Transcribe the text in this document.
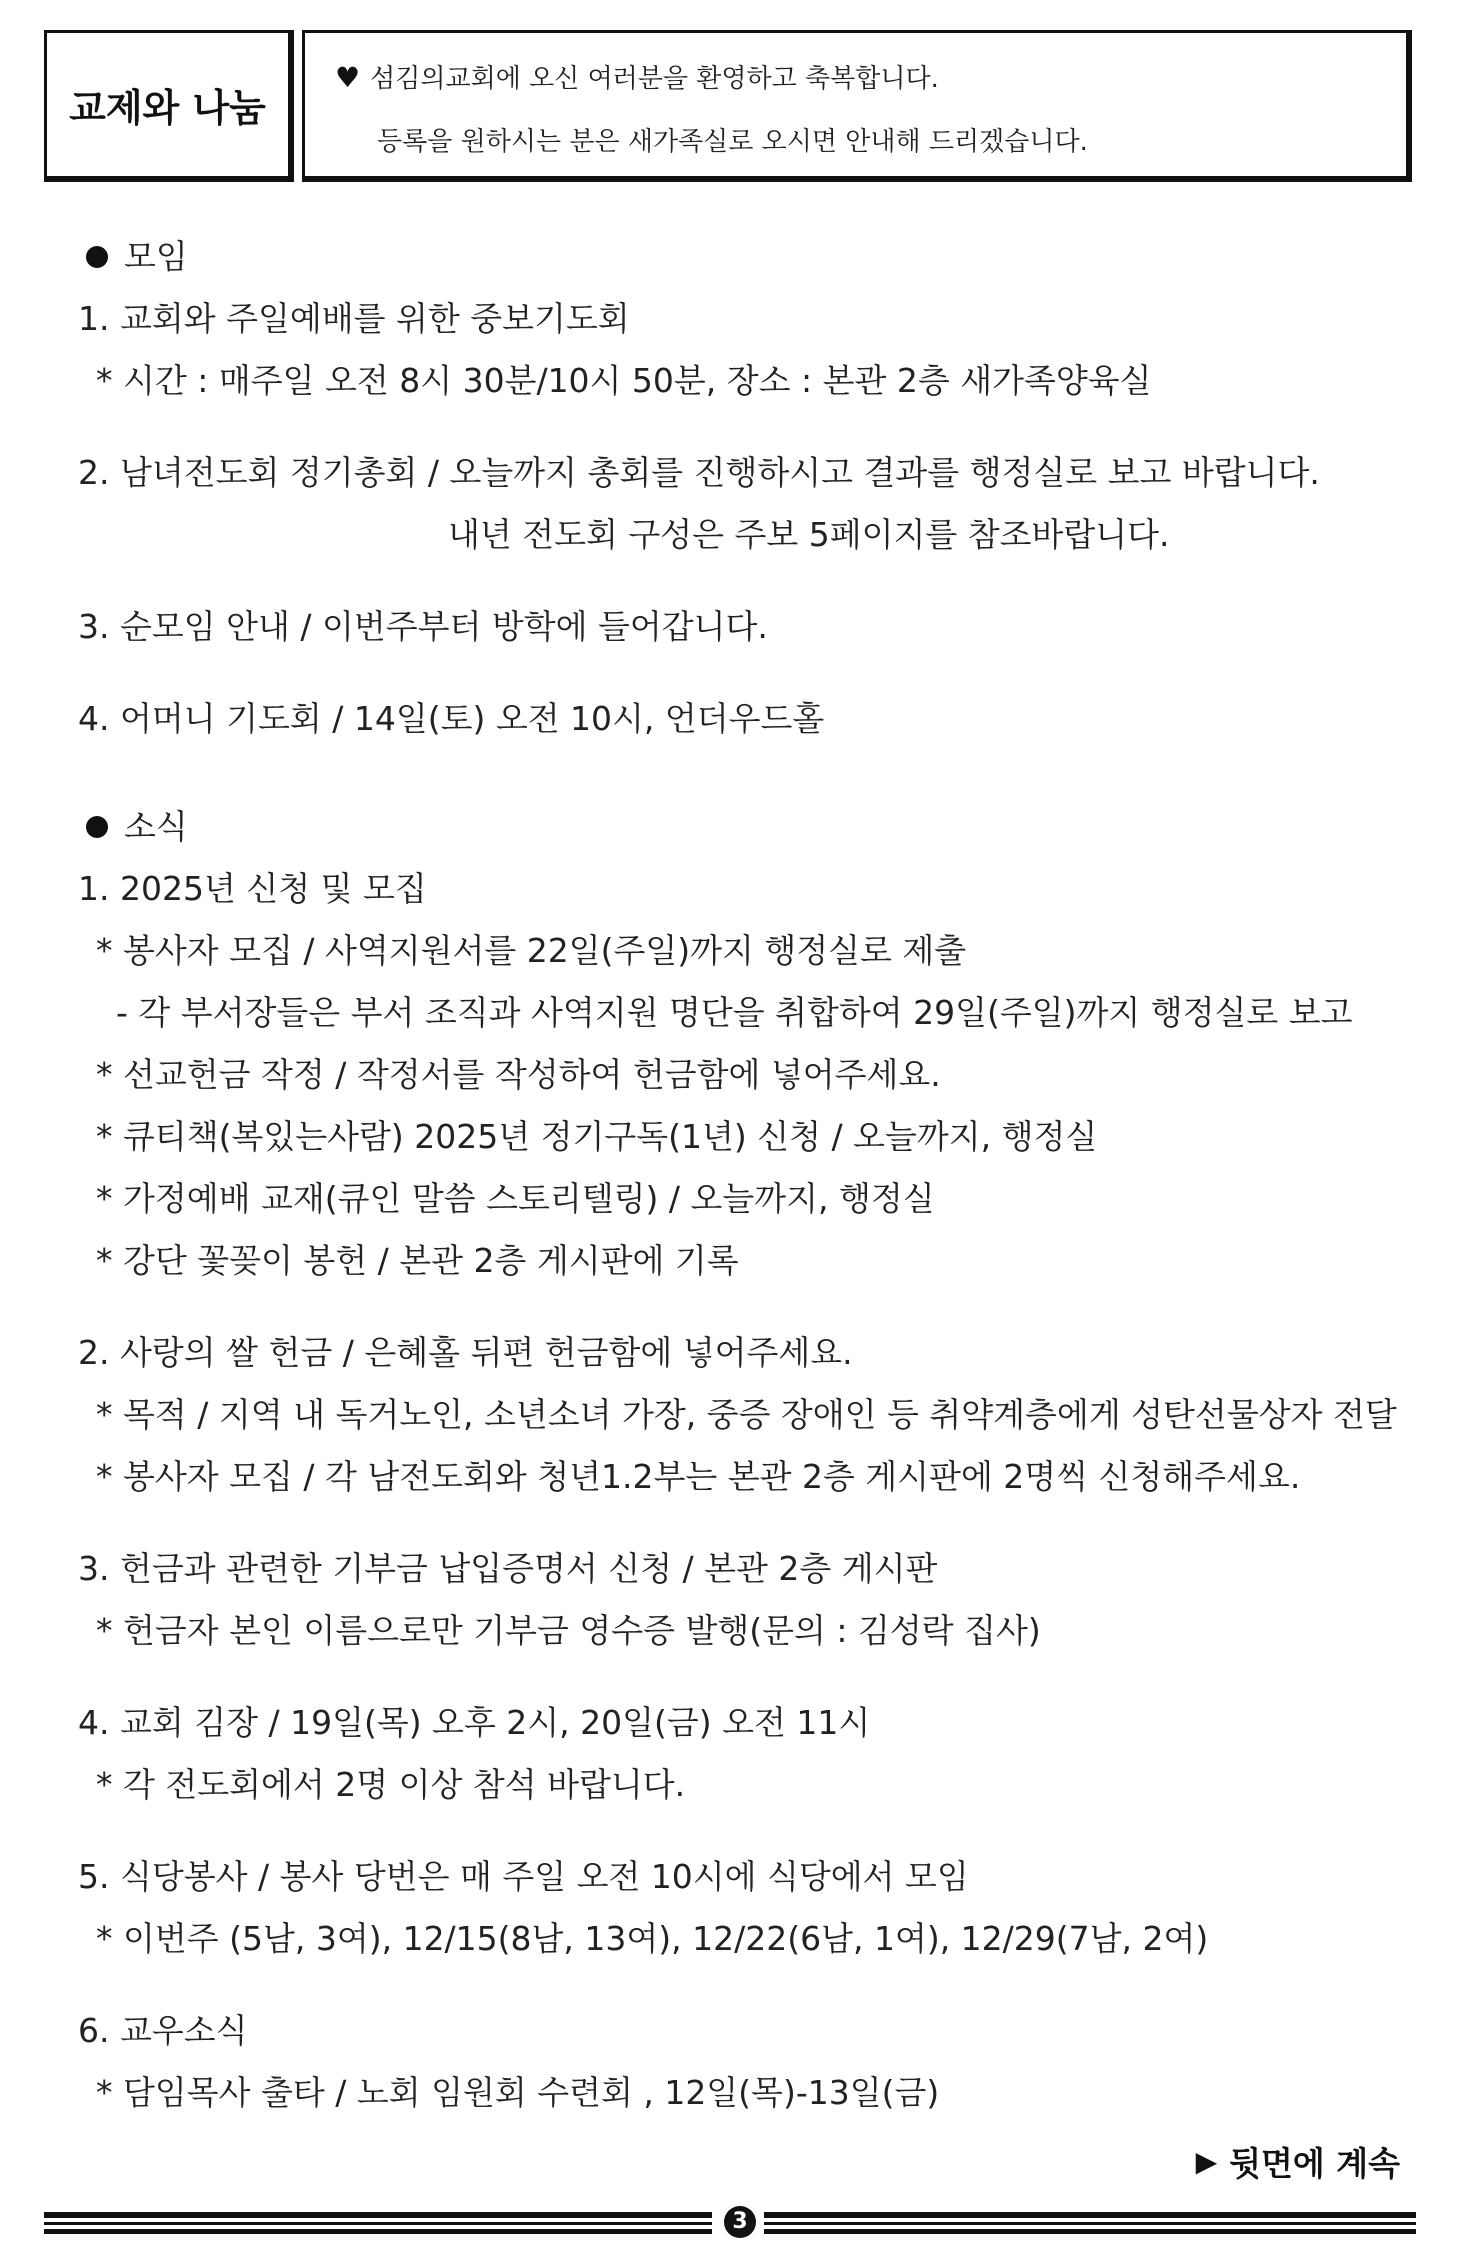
교제와 나눔
♥ 섬김의교회에 오신 여러분을 환영하고 축복합니다.
등록을 원하시는 분은 새가족실로 오시면 안내해 드리겠습니다.
모임
1. 교회와 주일예배를 위한 중보기도회
* 시간 : 매주일 오전 8시 30분/10시 50분, 장소 : 본관 2층 새가족양육실
2. 남녀전도회 정기총회 / 오늘까지 총회를 진행하시고 결과를 행정실로 보고 바랍니다.
내년 전도회 구성은 주보 5페이지를 참조바랍니다.
3. 순모임 안내 / 이번주부터 방학에 들어갑니다.
4. 어머니 기도회 / 14일(토) 오전 10시, 언더우드홀
소식
1. 2025년 신청 및 모집
* 봉사자 모집 / 사역지원서를 22일(주일)까지 행정실로 제출
- 각 부서장들은 부서 조직과 사역지원 명단을 취합하여 29일(주일)까지 행정실로 보고
* 선교헌금 작정 / 작정서를 작성하여 헌금함에 넣어주세요.
* 큐티책(복있는사람) 2025년 정기구독(1년) 신청 / 오늘까지, 행정실
* 가정예배 교재(큐인 말씀 스토리텔링) / 오늘까지, 행정실
* 강단 꽃꽂이 봉헌 / 본관 2층 게시판에 기록
2. 사랑의 쌀 헌금 / 은혜홀 뒤편 헌금함에 넣어주세요.
* 목적 / 지역 내 독거노인, 소년소녀 가장, 중증 장애인 등 취약계층에게 성탄선물상자 전달
* 봉사자 모집 / 각 남전도회와 청년1.2부는 본관 2층 게시판에 2명씩 신청해주세요.
3. 헌금과 관련한 기부금 납입증명서 신청 / 본관 2층 게시판
* 헌금자 본인 이름으로만 기부금 영수증 발행(문의 : 김성락 집사)
4. 교회 김장 / 19일(목) 오후 2시, 20일(금) 오전 11시
* 각 전도회에서 2명 이상 참석 바랍니다.
5. 식당봉사 / 봉사 당번은 매 주일 오전 10시에 식당에서 모임
* 이번주 (5남, 3여), 12/15(8남, 13여), 12/22(6남, 1여), 12/29(7남, 2여)
6. 교우소식
* 담임목사 출타 / 노회 임원회 수련회 , 12일(목)-13일(금)
▶ 뒷면에 계속
3
